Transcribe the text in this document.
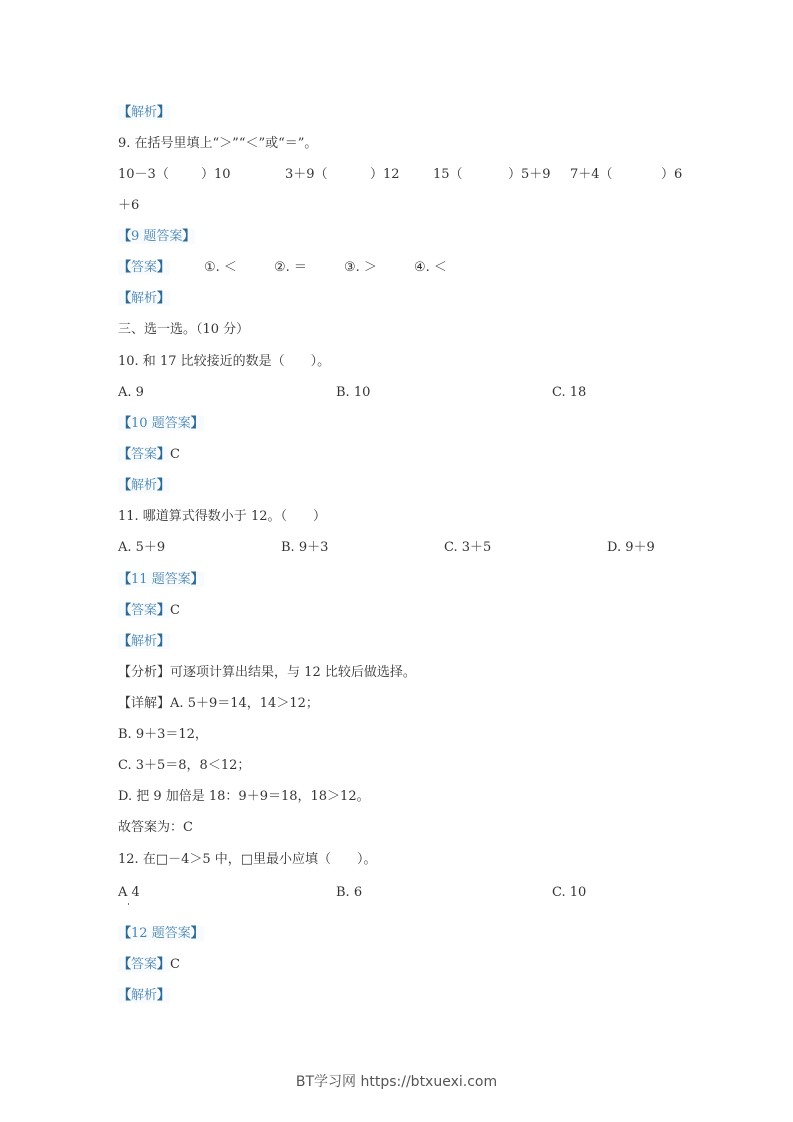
【解析】
9. 在括号里填上“＞”“＜”或“＝”。
10－3（ ）10	3＋9（	）12	15（	）5＋9 7＋4（	）6
＋6
【9 题答案】
【答案】	①. ＜	②. ＝	③. ＞	④. ＜
【解析】
三、选一选。（10 分）
10. 和 17 比较接近的数是（　　）。
A. 9	B. 10	C. 18
【10 题答案】
【答案】C
【解析】
11. 哪道算式得数小于 12。（　　）
A. 5＋9	B. 9＋3	C. 3＋5	D. 9＋9
【11 题答案】
【答案】C
【解析】
【分析】可逐项计算出结果，与 12 比较后做选择。
【详解】A. 5＋9＝14，14＞12；
B. 9＋3＝12，
C. 3＋5＝8，8＜12；
D. 把 9 加倍是 18：9＋9＝18，18＞12。
故答案为：C
12. 在□－4＞5 中，□里最小应填（　　）。
A 4	B. 6	C. 10
【12 题答案】
【答案】C
【解析】
BT学习网 https://btxuexi.com
